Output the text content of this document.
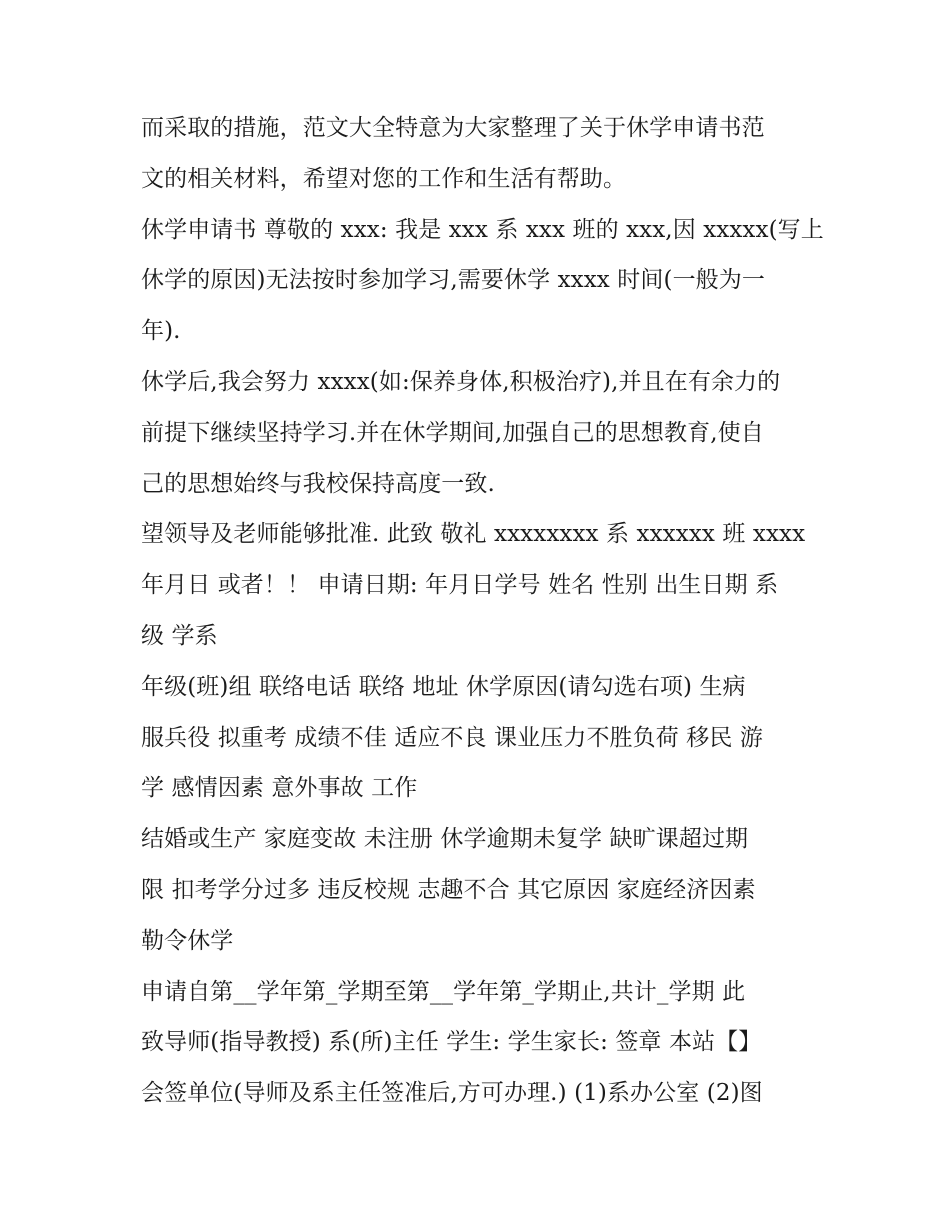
而采取的措施，范文大全特意为大家整理了关于休学申请书范
文的相关材料，希望对您的工作和生活有帮助。
休学申请书 尊敬的 xxx: 我是 xxx 系 xxx 班的 xxx,因 xxxxx(写上
休学的原因)无法按时参加学习,需要休学 xxxx 时间(一般为一
年).
休学后,我会努力 xxxx(如:保养身体,积极治疗),并且在有余力的
前提下继续坚持学习.并在休学期间,加强自己的思想教育,使自
己的思想始终与我校保持高度一致.
望领导及老师能够批准. 此致 敬礼 xxxxxxxx 系 xxxxxx 班 xxxx
年月日 或者！！ 申请日期: 年月日学号 姓名 性别 出生日期 系
级 学系
年级(班)组 联络电话 联络 地址 休学原因(请勾选右项) 生病
服兵役 拟重考 成绩不佳 适应不良 课业压力不胜负荷 移民 游
学 感情因素 意外事故 工作
结婚或生产 家庭变故 未注册 休学逾期未复学 缺旷课超过期
限 扣考学分过多 违反校规 志趣不合 其它原因 家庭经济因素
勒令休学
申请自第__学年第_学期至第__学年第_学期止,共计_学期 此
致导师(指导教授) 系(所)主任 学生: 学生家长: 签章 本站【】
会签单位(导师及系主任签准后,方可办理.) (1)系办公室 (2)图
